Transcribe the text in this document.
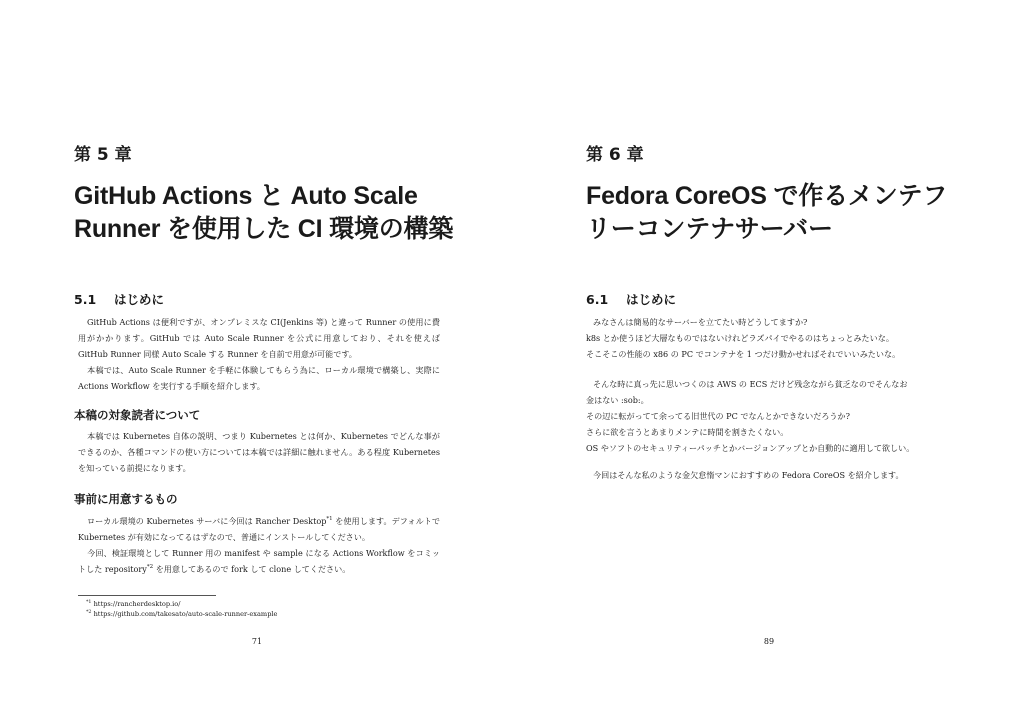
第 5 章
GitHub Actions と Auto Scale
Runner を使用した CI 環境の構築
5.1 はじめに

GitHub Actions は便利ですが、オンプレミスな CI(Jenkins 等) と違って Runner の使用に費用がかかります。GitHub では Auto Scale Runner を公式に用意しており、それを使えば GitHub Runner 同様 Auto Scale する Runner を自前で用意が可能です。

本稿では、Auto Scale Runner を手軽に体験してもらう為に、ローカル環境で構築し、実際に Actions Workflow を実行する手順を紹介します。

本稿の対象読者について

本稿では Kubernetes 自体の説明、つまり Kubernetes とは何か、Kubernetes でどんな事ができるのか、各種コマンドの使い方については本稿では詳細に触れません。ある程度 Kubernetes を知っている前提になります。

事前に用意するもの

ローカル環境の Kubernetes サーバに今回は Rancher Desktop$^{*1}$ を使用します。デフォルトで Kubernetes が有効になってるはずなので、普通にインストールしてください。

今回、検証環境として Runner 用の manifest や sample になる Actions Workflow をコミットした repository$^{*2}$ を用意してあるので fork して clone してください。

$^{*1}$ https://rancherdesktop.io/
$^{*2}$ https://github.com/takesato/auto-scale-runner-example
71
第 6 章
Fedora CoreOS で作るメンテフ
リーコンテナサーバー
6.1 はじめに

みなさんは簡易的なサーバーを立てたい時どうしてますか?

k8s とか使うほど大層なものではないけれどラズパイでやるのはちょっとみたいな。

そこそこの性能の x86 の PC でコンテナを 1 つだけ動かせればそれでいいみたいな。

そんな時に真っ先に思いつくのは AWS の ECS だけど残念ながら貧乏なのでそんなお

金はない :sob:。

その辺に転がってて余ってる旧世代の PC でなんとかできないだろうか?

さらに欲を言うとあまりメンテに時間を割きたくない。

OS やソフトのセキュリティーパッチとかバージョンアップとか自動的に適用して欲しい。

今回はそんな私のような金欠怠惰マンにおすすめの Fedora CoreOS を紹介します。

89
